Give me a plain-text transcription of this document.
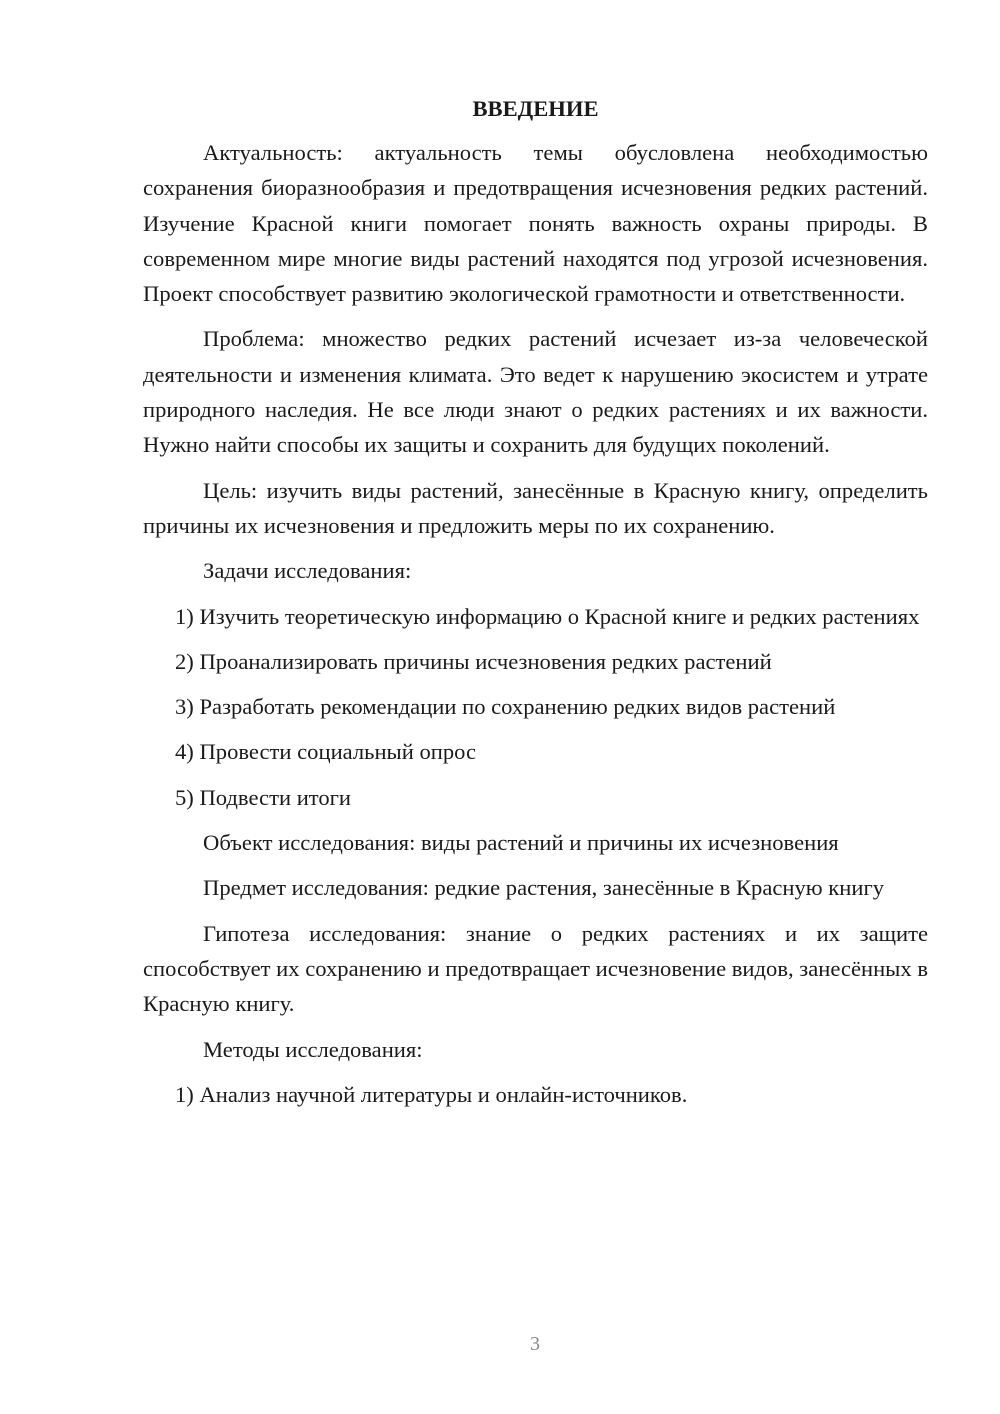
ВВЕДЕНИЕ

Актуальность: актуальность темы обусловлена необходимостью сохранения биоразнообразия и предотвращения исчезновения редких растений. Изучение Красной книги помогает понять важность охраны природы. В современном мире многие виды растений находятся под угрозой исчезновения. Проект способствует развитию экологической грамотности и ответственности.

Проблема: множество редких растений исчезает из-за человеческой деятельности и изменения климата. Это ведет к нарушению экосистем и утрате природного наследия. Не все люди знают о редких растениях и их важности. Нужно найти способы их защиты и сохранить для будущих поколений.

Цель: изучить виды растений, занесённые в Красную книгу, определить причины их исчезновения и предложить меры по их сохранению.

Задачи исследования:

1) Изучить теоретическую информацию о Красной книге и редких растениях

2) Проанализировать причины исчезновения редких растений

3) Разработать рекомендации по сохранению редких видов растений

4) Провести социальный опрос

5) Подвести итоги

Объект исследования: виды растений и причины их исчезновения

Предмет исследования: редкие растения, занесённые в Красную книгу

Гипотеза исследования: знание о редких растениях и их защите способствует их сохранению и предотвращает исчезновение видов, занесённых в Красную книгу.

Методы исследования:

1) Анализ научной литературы и онлайн-источников.

3
